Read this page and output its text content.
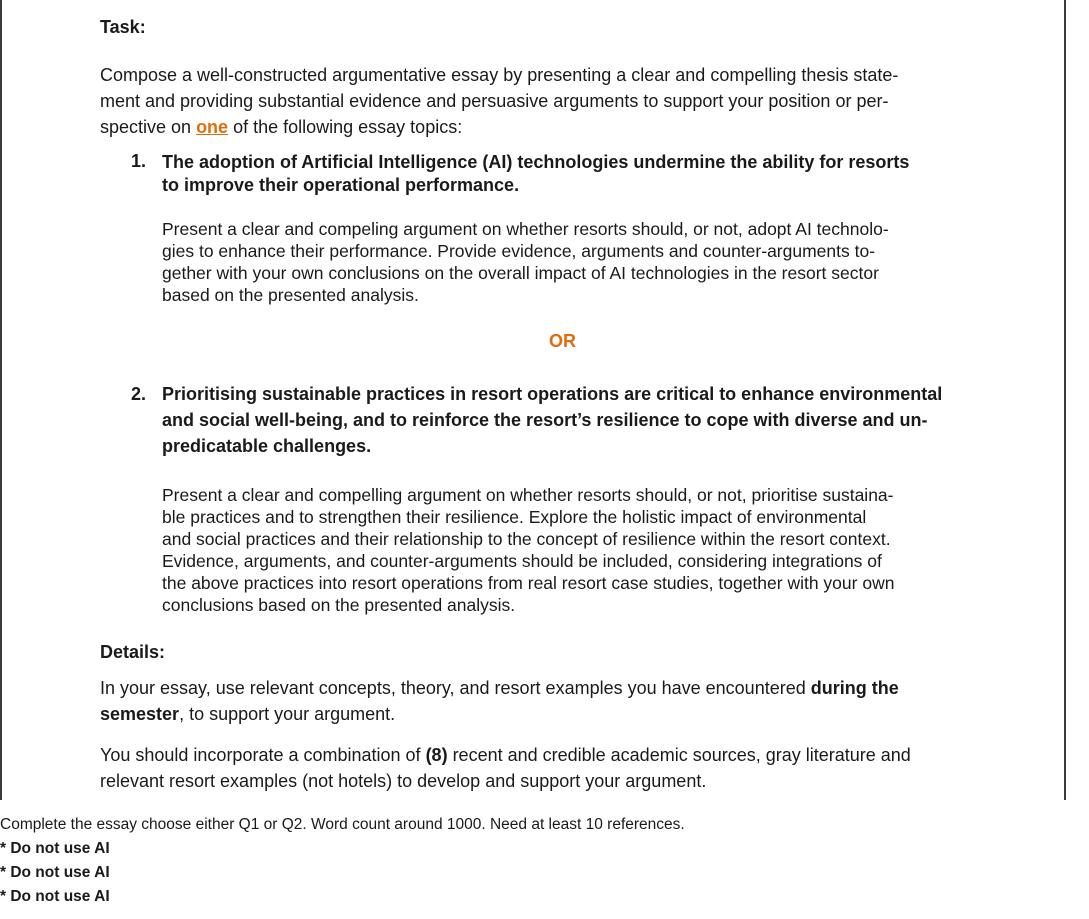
Task:

Compose a well-constructed argumentative essay by presenting a clear and compelling thesis state-
ment and providing substantial evidence and persuasive arguments to support your position or per-
spective on one of the following essay topics:
1. The adoption of Artificial Intelligence (AI) technologies undermine the ability for resorts
to improve their operational performance.
Present a clear and compeling argument on whether resorts should, or not, adopt AI technolo-
gies to enhance their performance. Provide evidence, arguments and counter-arguments to-
gether with your own conclusions on the overall impact of AI technologies in the resort sector
based on the presented analysis.
OR
2. Prioritising sustainable practices in resort operations are critical to enhance environmental
and social well-being, and to reinforce the resort’s resilience to cope with diverse and un-
predicatable challenges.
Present a clear and compelling argument on whether resorts should, or not, prioritise sustaina-
ble practices and to strengthen their resilience. Explore the holistic impact of environmental
and social practices and their relationship to the concept of resilience within the resort context.
Evidence, arguments, and counter-arguments should be included, considering integrations of
the above practices into resort operations from real resort case studies, together with your own
conclusions based on the presented analysis.

Details:

In your essay, use relevant concepts, theory, and resort examples you have encountered during the
semester, to support your argument.
You should incorporate a combination of (8) recent and credible academic sources, gray literature and
relevant resort examples (not hotels) to develop and support your argument.
Complete the essay choose either Q1 or Q2. Word count around 1000. Need at least 10 references.
* Do not use AI
* Do not use AI
* Do not use AI
